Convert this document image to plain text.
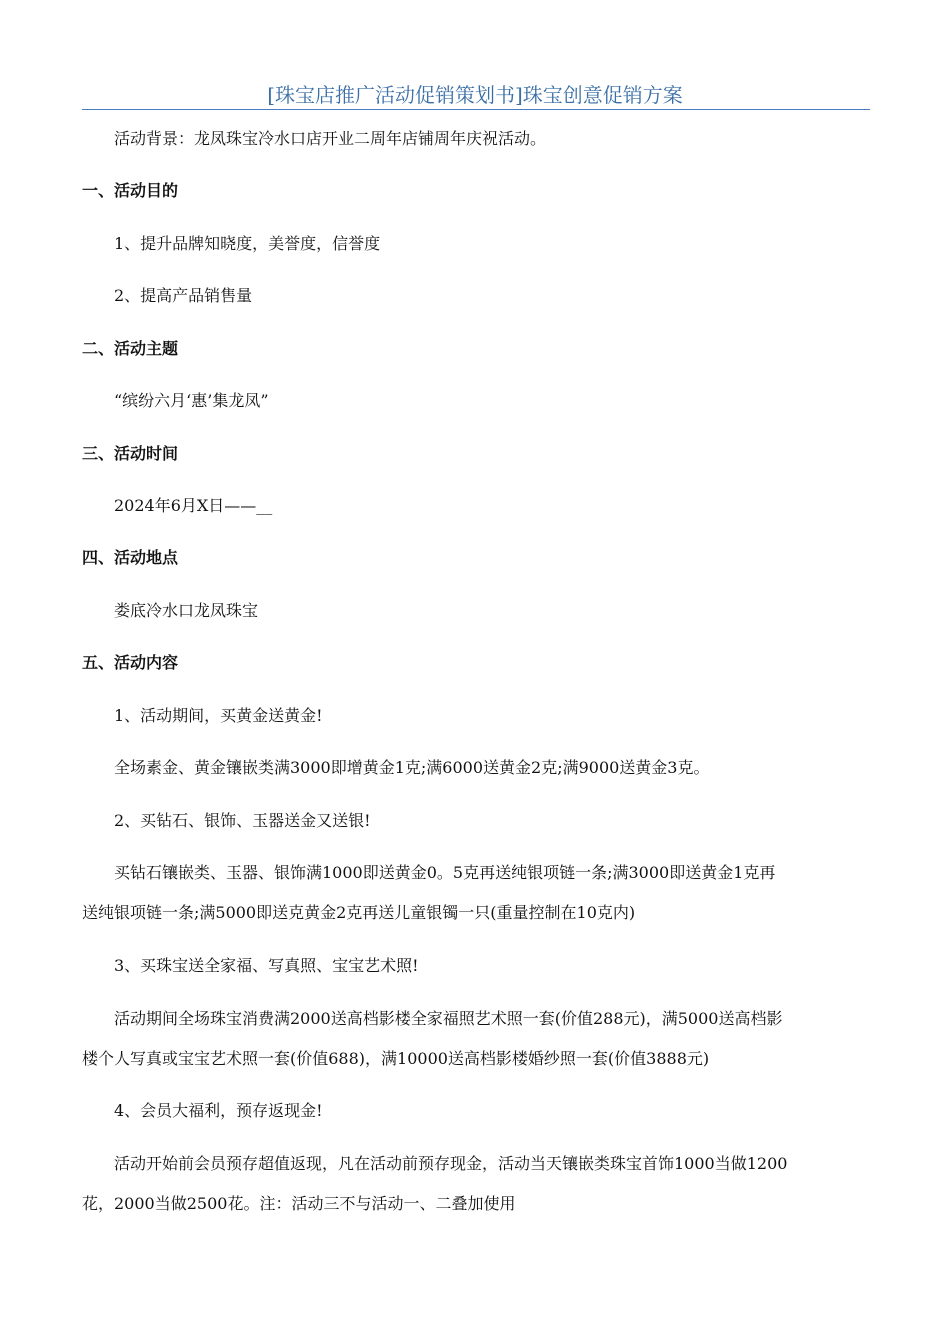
[珠宝店推广活动促销策划书]珠宝创意促销方案
活动背景：龙凤珠宝冷水口店开业二周年店铺周年庆祝活动。
一、活动目的
1、提升品牌知晓度，美誉度，信誉度
2、提高产品销售量
二、活动主题
“缤纷六月‘惠’集龙凤”
三、活动时间
2024年6月X日——__
四、活动地点
娄底冷水口龙凤珠宝
五、活动内容
1、活动期间，买黄金送黄金!
全场素金、黄金镶嵌类满3000即增黄金1克;满6000送黄金2克;满9000送黄金3克。
2、买钻石、银饰、玉器送金又送银!
买钻石镶嵌类、玉器、银饰满1000即送黄金0。5克再送纯银项链一条;满3000即送黄金1克再
送纯银项链一条;满5000即送克黄金2克再送儿童银镯一只(重量控制在10克内)
3、买珠宝送全家福、写真照、宝宝艺术照!
活动期间全场珠宝消费满2000送高档影楼全家福照艺术照一套(价值288元)，满5000送高档影
楼个人写真或宝宝艺术照一套(价值688)，满10000送高档影楼婚纱照一套(价值3888元)
4、会员大福利，预存返现金!
活动开始前会员预存超值返现，凡在活动前预存现金，活动当天镶嵌类珠宝首饰1000当做1200
花，2000当做2500花。注：活动三不与活动一、二叠加使用
